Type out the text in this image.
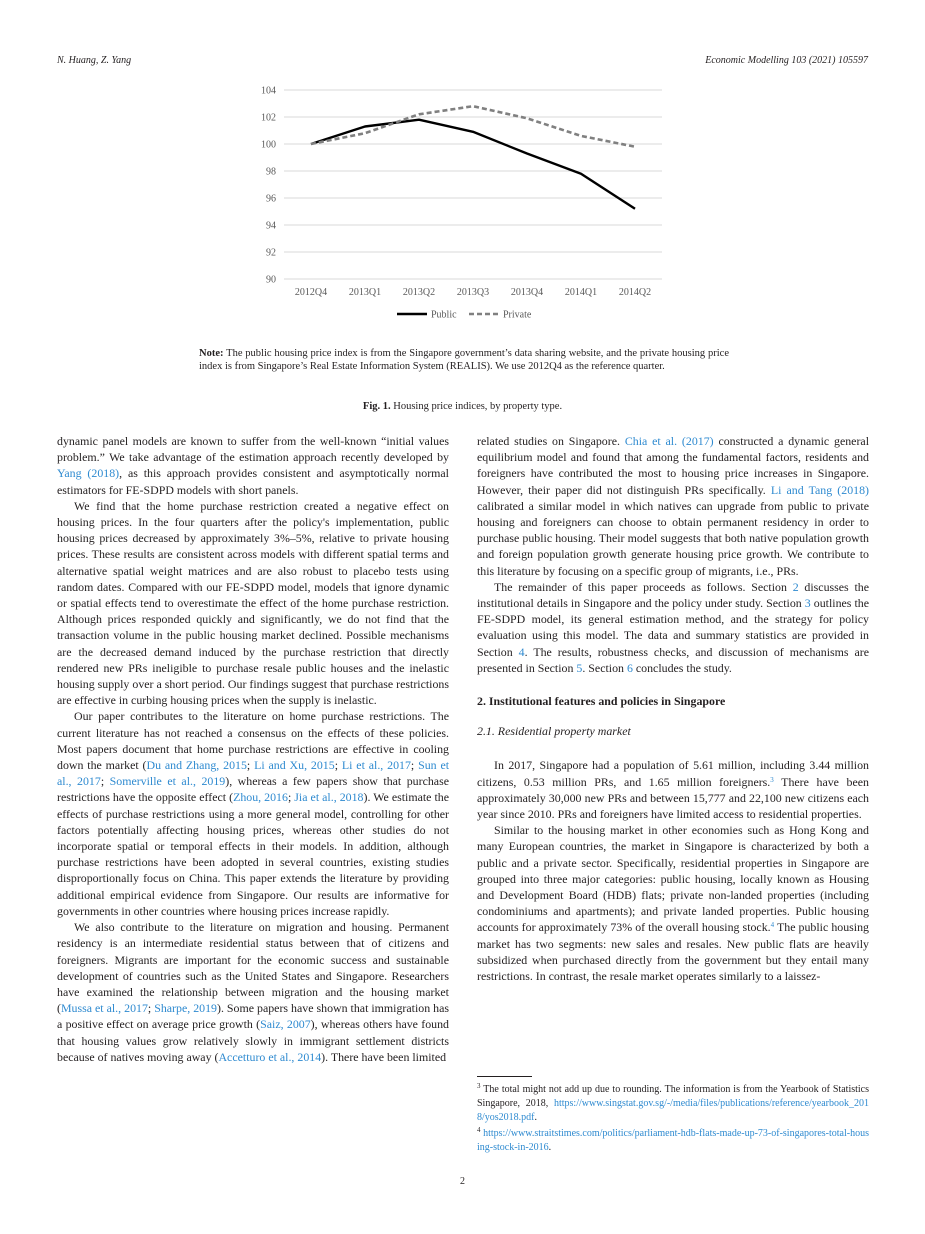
N. Huang, Z. Yang	Economic Modelling 103 (2021) 105597
90
92
94
96
98
100
102
104
2012Q4 2013Q1 2013Q2 2013Q3 2013Q4 2014Q1 2014Q2
Public	Private
Note: The public housing price index is from the Singapore government’s data sharing website, and the private housing price index is from Singapore’s Real Estate Information System (REALIS). We use 2012Q4 as the reference quarter.
Fig. 1. Housing price indices, by property type.

dynamic panel models are known to suffer from the well-known “initial values problem.” We take advantage of the estimation approach recently developed by Yang (2018), as this approach provides consistent and asymptotically normal estimators for FE-SDPD models with short panels.

We find that the home purchase restriction created a negative effect on housing prices. In the four quarters after the policy's implementation, public housing prices decreased by approximately 3%–5%, relative to private housing prices. These results are consistent across models with different spatial terms and alternative spatial weight matrices and are also robust to placebo tests using random dates. Compared with our FE-SDPD model, models that ignore dynamic or spatial effects tend to overestimate the effect of the home purchase restriction. Although prices responded quickly and significantly, we do not find that the transaction volume in the public housing market declined. Possible mechanisms are the decreased demand induced by the purchase restriction that directly rendered new PRs ineligible to purchase resale public houses and the inelastic housing supply over a short period. Our findings suggest that purchase restrictions are effective in curbing housing prices when the supply is inelastic.

Our paper contributes to the literature on home purchase restrictions. The current literature has not reached a consensus on the effects of these policies. Most papers document that home purchase restrictions are effective in cooling down the market (Du and Zhang, 2015; Li and Xu, 2015; Li et al., 2017; Sun et al., 2017; Somerville et al., 2019), whereas a few papers show that purchase restrictions have the opposite effect (Zhou, 2016; Jia et al., 2018). We estimate the effects of purchase restrictions using a more general model, controlling for other factors potentially affecting housing prices, whereas other studies do not incorporate spatial or temporal effects in their models. In addition, although purchase restrictions have been adopted in several countries, existing studies disproportionally focus on China. This paper extends the literature by providing additional empirical evidence from Singapore. Our results are informative for governments in other countries where housing prices increase rapidly.

We also contribute to the literature on migration and housing. Permanent residency is an intermediate residential status between that of citizens and foreigners. Migrants are important for the economic success and sustainable development of countries such as the United States and Singapore. Researchers have examined the relationship between migration and the housing market (Mussa et al., 2017; Sharpe, 2019). Some papers have shown that immigration has a positive effect on average price growth (Saiz, 2007), whereas others have found that housing values grow relatively slowly in immigrant settlement districts because of natives moving away (Accetturo et al., 2014). There have been limited

related studies on Singapore. Chia et al. (2017) constructed a dynamic general equilibrium model and found that among the fundamental factors, residents and foreigners have contributed the most to housing price increases in Singapore. However, their paper did not distinguish PRs specifically. Li and Tang (2018) calibrated a similar model in which natives can upgrade from public to private housing and foreigners can choose to obtain permanent residency in order to purchase public housing. Their model suggests that both native population growth and foreign population growth generate housing price growth. We contribute to this literature by focusing on a specific group of migrants, i.e., PRs.

The remainder of this paper proceeds as follows. Section 2 discusses the institutional details in Singapore and the policy under study. Section 3 outlines the FE-SDPD model, its general estimation method, and the strategy for policy evaluation using this model. The data and summary statistics are provided in Section 4. The results, robustness checks, and discussion of mechanisms are presented in Section 5. Section 6 concludes the study.

2. Institutional features and policies in Singapore

2.1. Residential property market

In 2017, Singapore had a population of 5.61 million, including 3.44 million citizens, 0.53 million PRs, and 1.65 million foreigners.$^3$ There have been approximately 30,000 new PRs and between 15,777 and 22,100 new citizens each year since 2010. PRs and foreigners have limited access to residential properties.

Similar to the housing market in other economies such as Hong Kong and many European countries, the market in Singapore is characterized by both a public and a private sector. Specifically, residential properties in Singapore are grouped into three major categories: public housing, locally known as Housing and Development Board (HDB) flats; private non-landed properties (including condominiums and apartments); and private landed properties. Public housing accounts for approximately 73% of the overall housing stock.$^4$ The public housing market has two segments: new sales and resales. New public flats are heavily subsidized when purchased directly from the government but they entail many restrictions. In contrast, the resale market operates similarly to a laissez-

$^3$ The total might not add up due to rounding. The information is from the Yearbook of Statistics Singapore, 2018, https://www.singstat.gov.sg/-/media/files/publications/reference/yearbook_2018/yos2018.pdf.
$^4$ https://www.straitstimes.com/politics/parliament-hdb-flats-made-up-73-of-singapores-total-housing-stock-in-2016.
2
